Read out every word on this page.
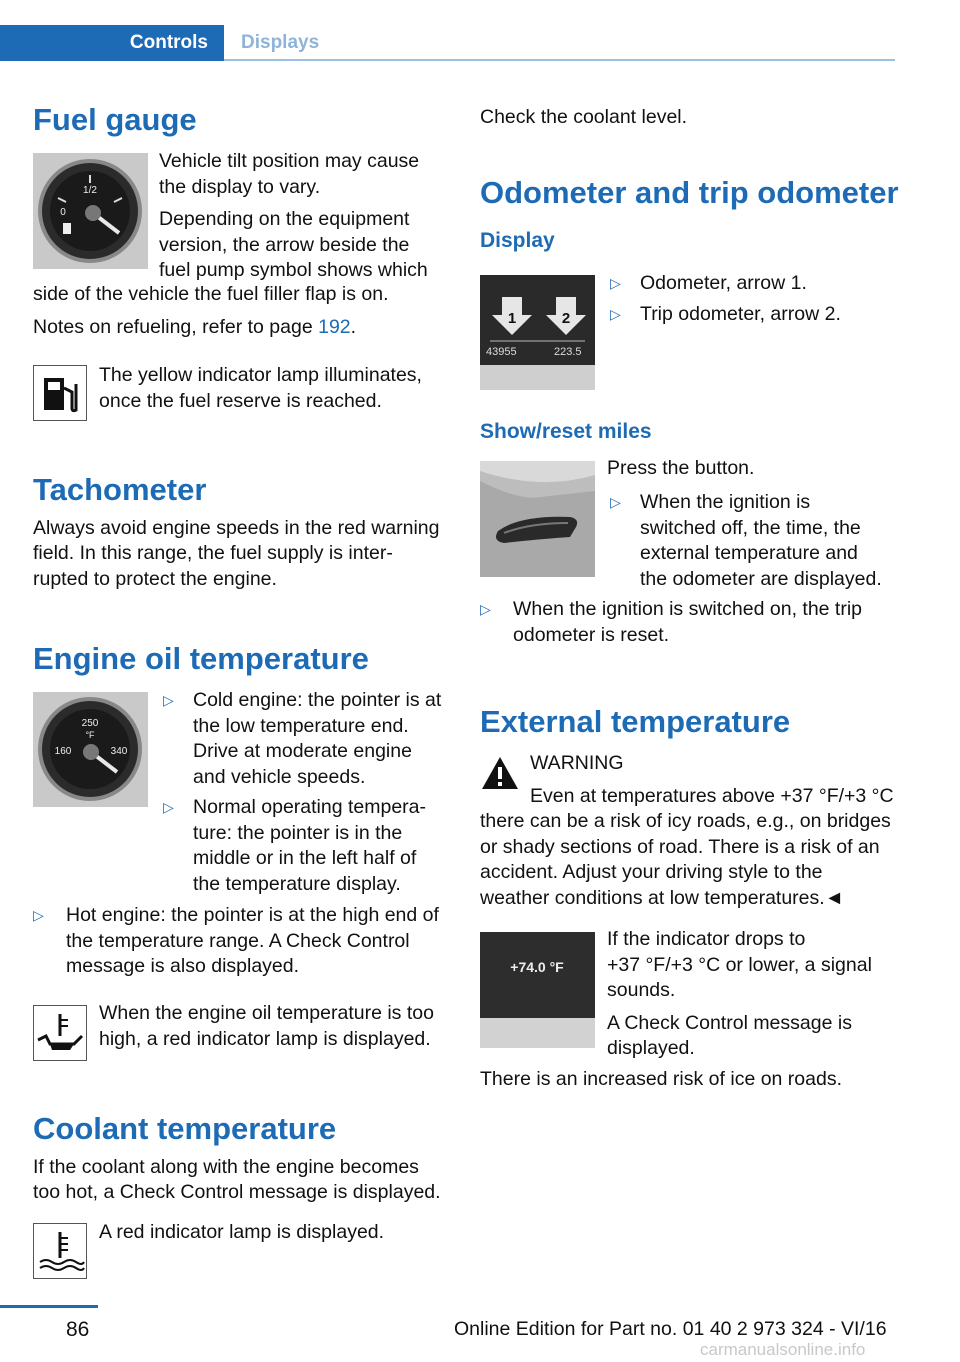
Controls	Displays
Fuel gauge
1/2
0

Vehicle tilt position may cause

the display to vary.

Depending on the equipment

version, the arrow beside the

fuel pump symbol shows which

side of the vehicle the fuel filler flap is on.

Notes on refueling, refer to page 192.

The yellow indicator lamp illuminates,

once the fuel reserve is reached.

Tachometer

Always avoid engine speeds in the red warning

field. In this range, the fuel supply is inter-

rupted to protect the engine.

Engine oil temperature
250
°F
160	340
▷ Cold engine: the pointer is at

the low temperature end.

Drive at moderate engine

and vehicle speeds.

▷ Normal operating tempera-

ture: the pointer is in the

middle or in the left half of

the temperature display.

▷ Hot engine: the pointer is at the high end of

the temperature range. A Check Control

message is also displayed.

When the engine oil temperature is too

high, a red indicator lamp is displayed.

Coolant temperature

If the coolant along with the engine becomes

too hot, a Check Control message is displayed.

A red indicator lamp is displayed.

Check the coolant level.

Odometer and trip odometer
Display
1	2
43955	223.5
▷ Odometer, arrow 1.

▷ Trip odometer, arrow 2.

Show/reset miles

Press the button.

▷ When the ignition is

switched off, the time, the

external temperature and

the odometer are displayed.

▷ When the ignition is switched on, the trip

odometer is reset.

External temperature

WARNING

Even at temperatures above +37 °F/+3 °C

there can be a risk of icy roads, e.g., on bridges

or shady sections of road. There is a risk of an

accident. Adjust your driving style to the

weather conditions at low temperatures.◄

+74.0 °F

If the indicator drops to

+37 °F/+3 °C or lower, a signal

sounds.

A Check Control message is

displayed.

There is an increased risk of ice on roads.

86	Online Edition for Part no. 01 40 2 973 324 - VI/16
carmanualsonline.info
